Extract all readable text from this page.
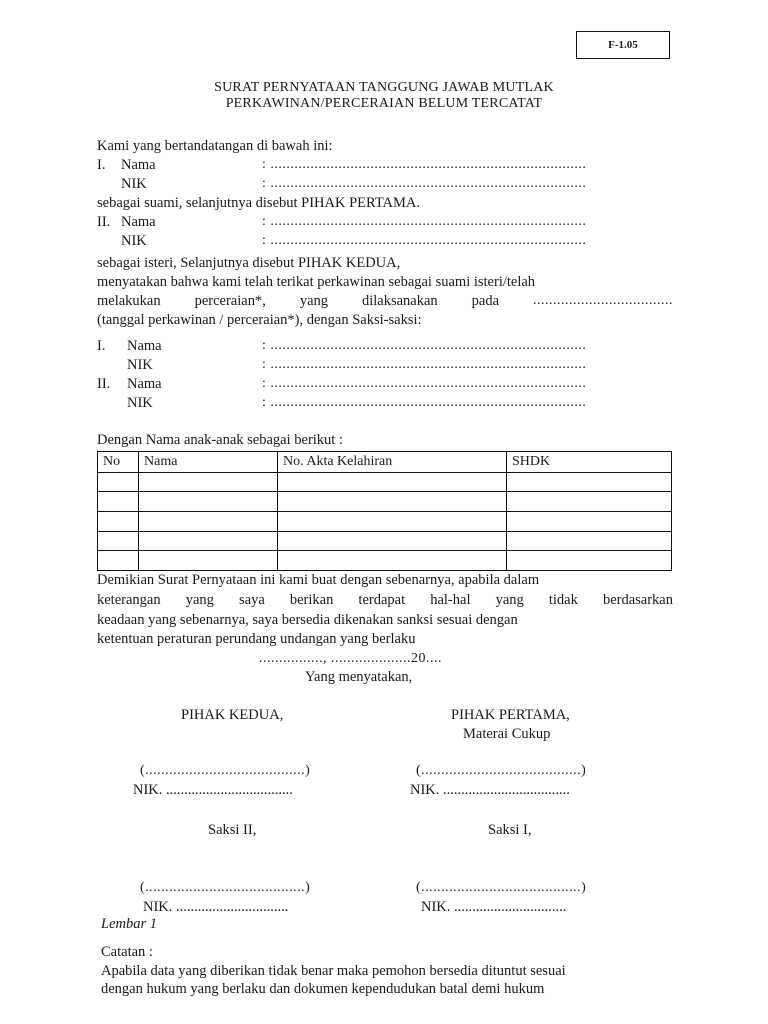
F-1.05
SURAT PERNYATAAN TANGGUNG JAWAB MUTLAK
PERKAWINAN/PERCERAIAN BELUM TERCATAT
Kami yang bertandatangan di bawah ini:
I. Nama	: ...............................................................................
NIK	: ...............................................................................
sebagai suami, selanjutnya disebut PIHAK PERTAMA.
II. Nama	: ...............................................................................
NIK	: ...............................................................................
sebagai isteri, Selanjutnya disebut PIHAK KEDUA,
menyatakan bahwa kami telah terikat perkawinan sebagai suami isteri/telah
melakukan perceraian*, yang dilaksanakan pada ...................................
(tanggal perkawinan / perceraian*), dengan Saksi-saksi:
I. Nama	: ...............................................................................
NIK	: ...............................................................................
II. Nama	: ...............................................................................
NIK	: ...............................................................................
Dengan Nama anak-anak sebagai berikut :
No	Nama	No. Akta Kelahiran	SHDK

Demikian Surat Pernyataan ini kami buat dengan sebenarnya, apabila dalam
keterangan yang saya berikan terdapat hal-hal yang tidak berdasarkan
keadaan yang sebenarnya, saya bersedia dikenakan sanksi sesuai dengan
ketentuan peraturan perundang undangan yang berlaku
................, ....................20....
Yang menyatakan,
PIHAK KEDUA,	PIHAK PERTAMA,
Materai Cukup
(........................................)	(........................................)
NIK. ...................................	NIK. ...................................
Saksi II,	Saksi I,
(........................................)	(........................................)
NIK. ...............................	NIK. ...............................
Lembar 1
Catatan :
Apabila data yang diberikan tidak benar maka pemohon bersedia dituntut sesuai
dengan hukum yang berlaku dan dokumen kependudukan batal demi hukum
